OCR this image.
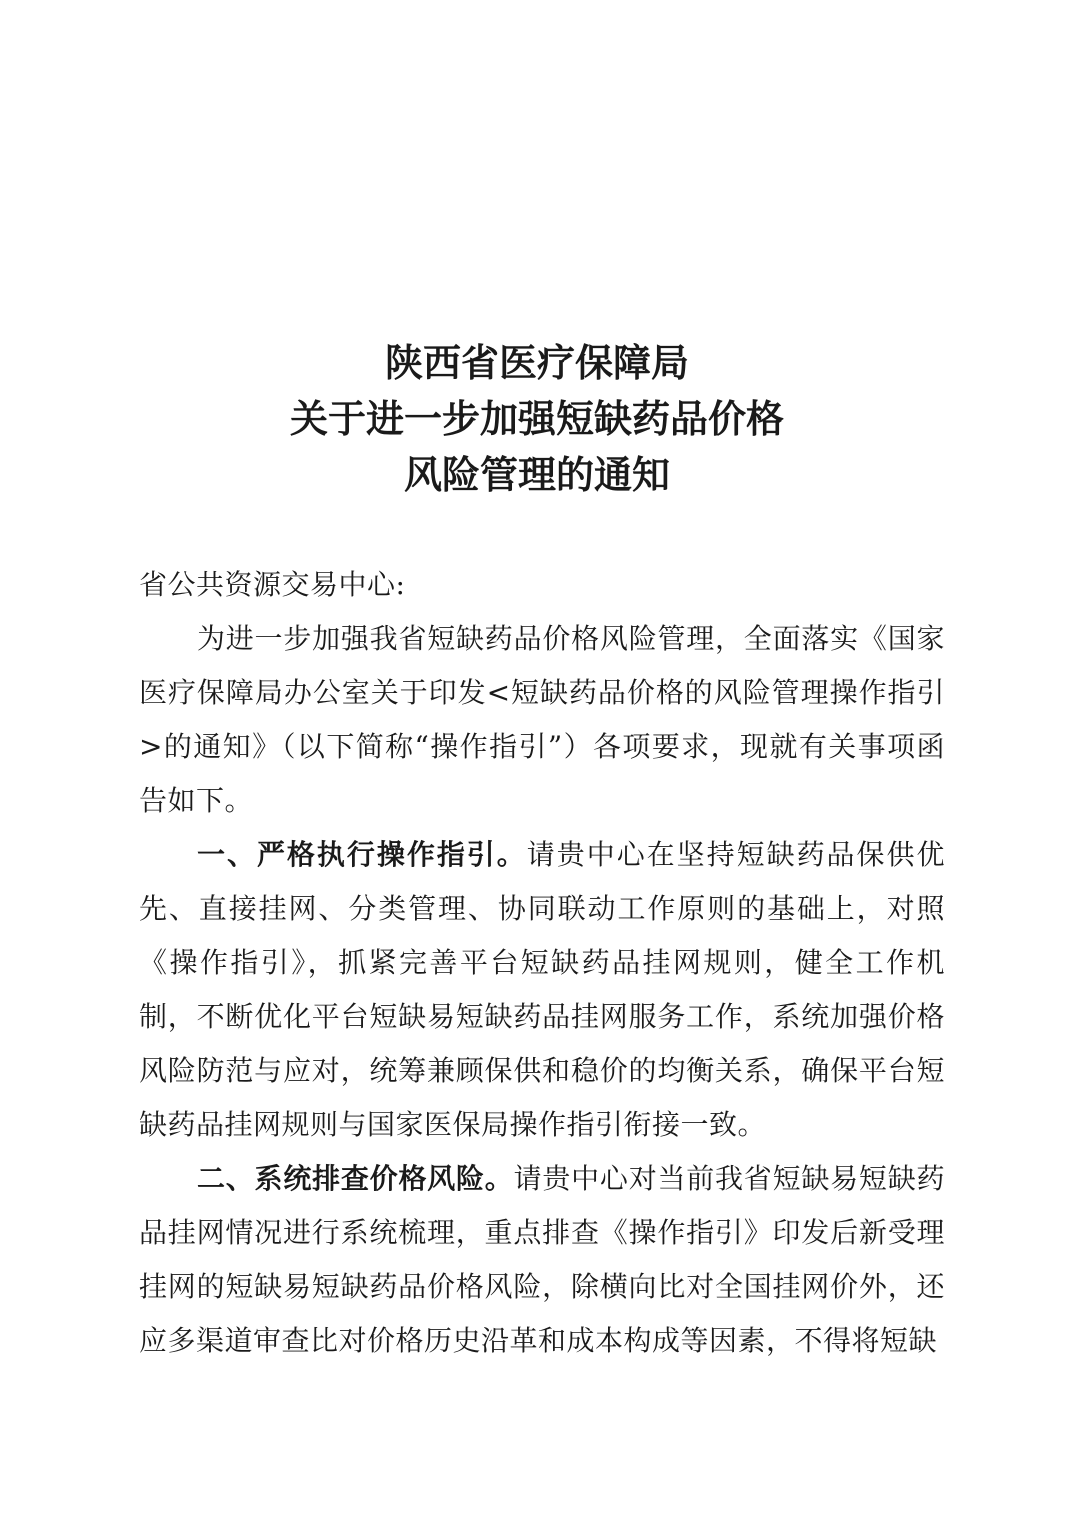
陕西省医疗保障局
关于进一步加强短缺药品价格
风险管理的通知
省公共资源交易中心:
为进一步加强我省短缺药品价格风险管理，全面落实《国家医疗保障局办公室关于印发<短缺药品价格的风险管理操作指引>的通知》（以下简称“操作指引”）各项要求，现就有关事项函告如下。
一、严格执行操作指引。请贵中心在坚持短缺药品保供优先、直接挂网、分类管理、协同联动工作原则的基础上，对照《操作指引》，抓紧完善平台短缺药品挂网规则，健全工作机制，不断优化平台短缺易短缺药品挂网服务工作，系统加强价格风险防范与应对，统筹兼顾保供和稳价的均衡关系，确保平台短缺药品挂网规则与国家医保局操作指引衔接一致。
二、系统排查价格风险。请贵中心对当前我省短缺易短缺药品挂网情况进行系统梳理，重点排查《操作指引》印发后新受理挂网的短缺易短缺药品价格风险，除横向比对全国挂网价外，还应多渠道审查比对价格历史沿革和成本构成等因素，不得将短缺
